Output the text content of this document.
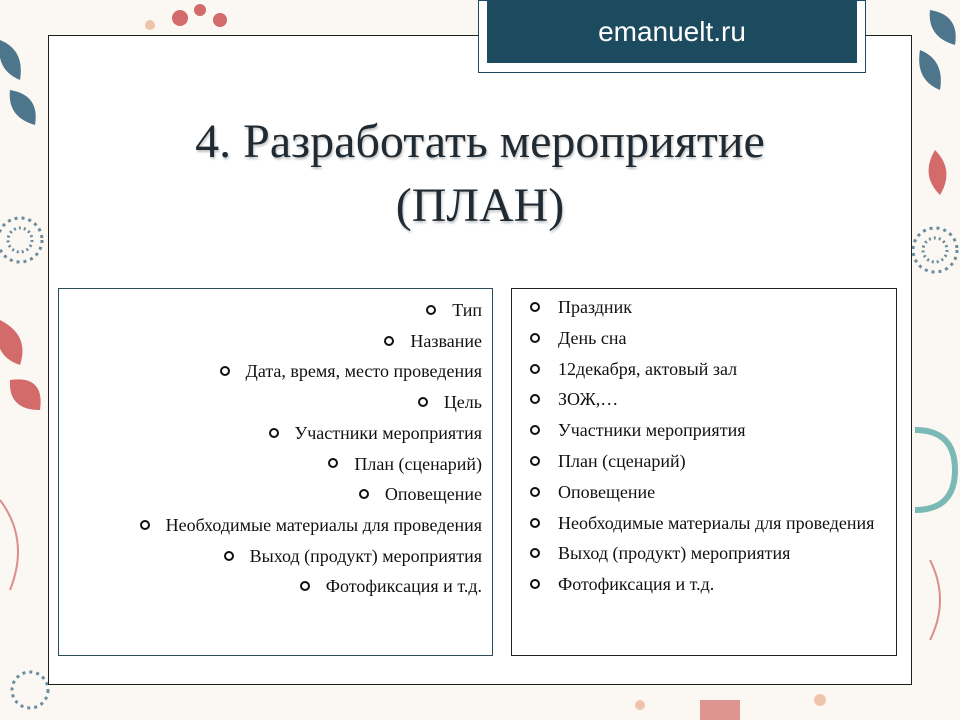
emanuelt.ru
4. Разработать мероприятие
(ПЛАН)
Тип
Название
Дата, время, место проведения
Цель
Участники мероприятия
План (сценарий)
Оповещение
Необходимые материалы для проведения
Выход (продукт) мероприятия
Фотофиксация и т.д.
Праздник
День сна
12декабря, актовый зал
ЗОЖ,…
Участники мероприятия
План (сценарий)
Оповещение
Необходимые материалы для проведения
Выход (продукт) мероприятия
Фотофиксация и т.д.
